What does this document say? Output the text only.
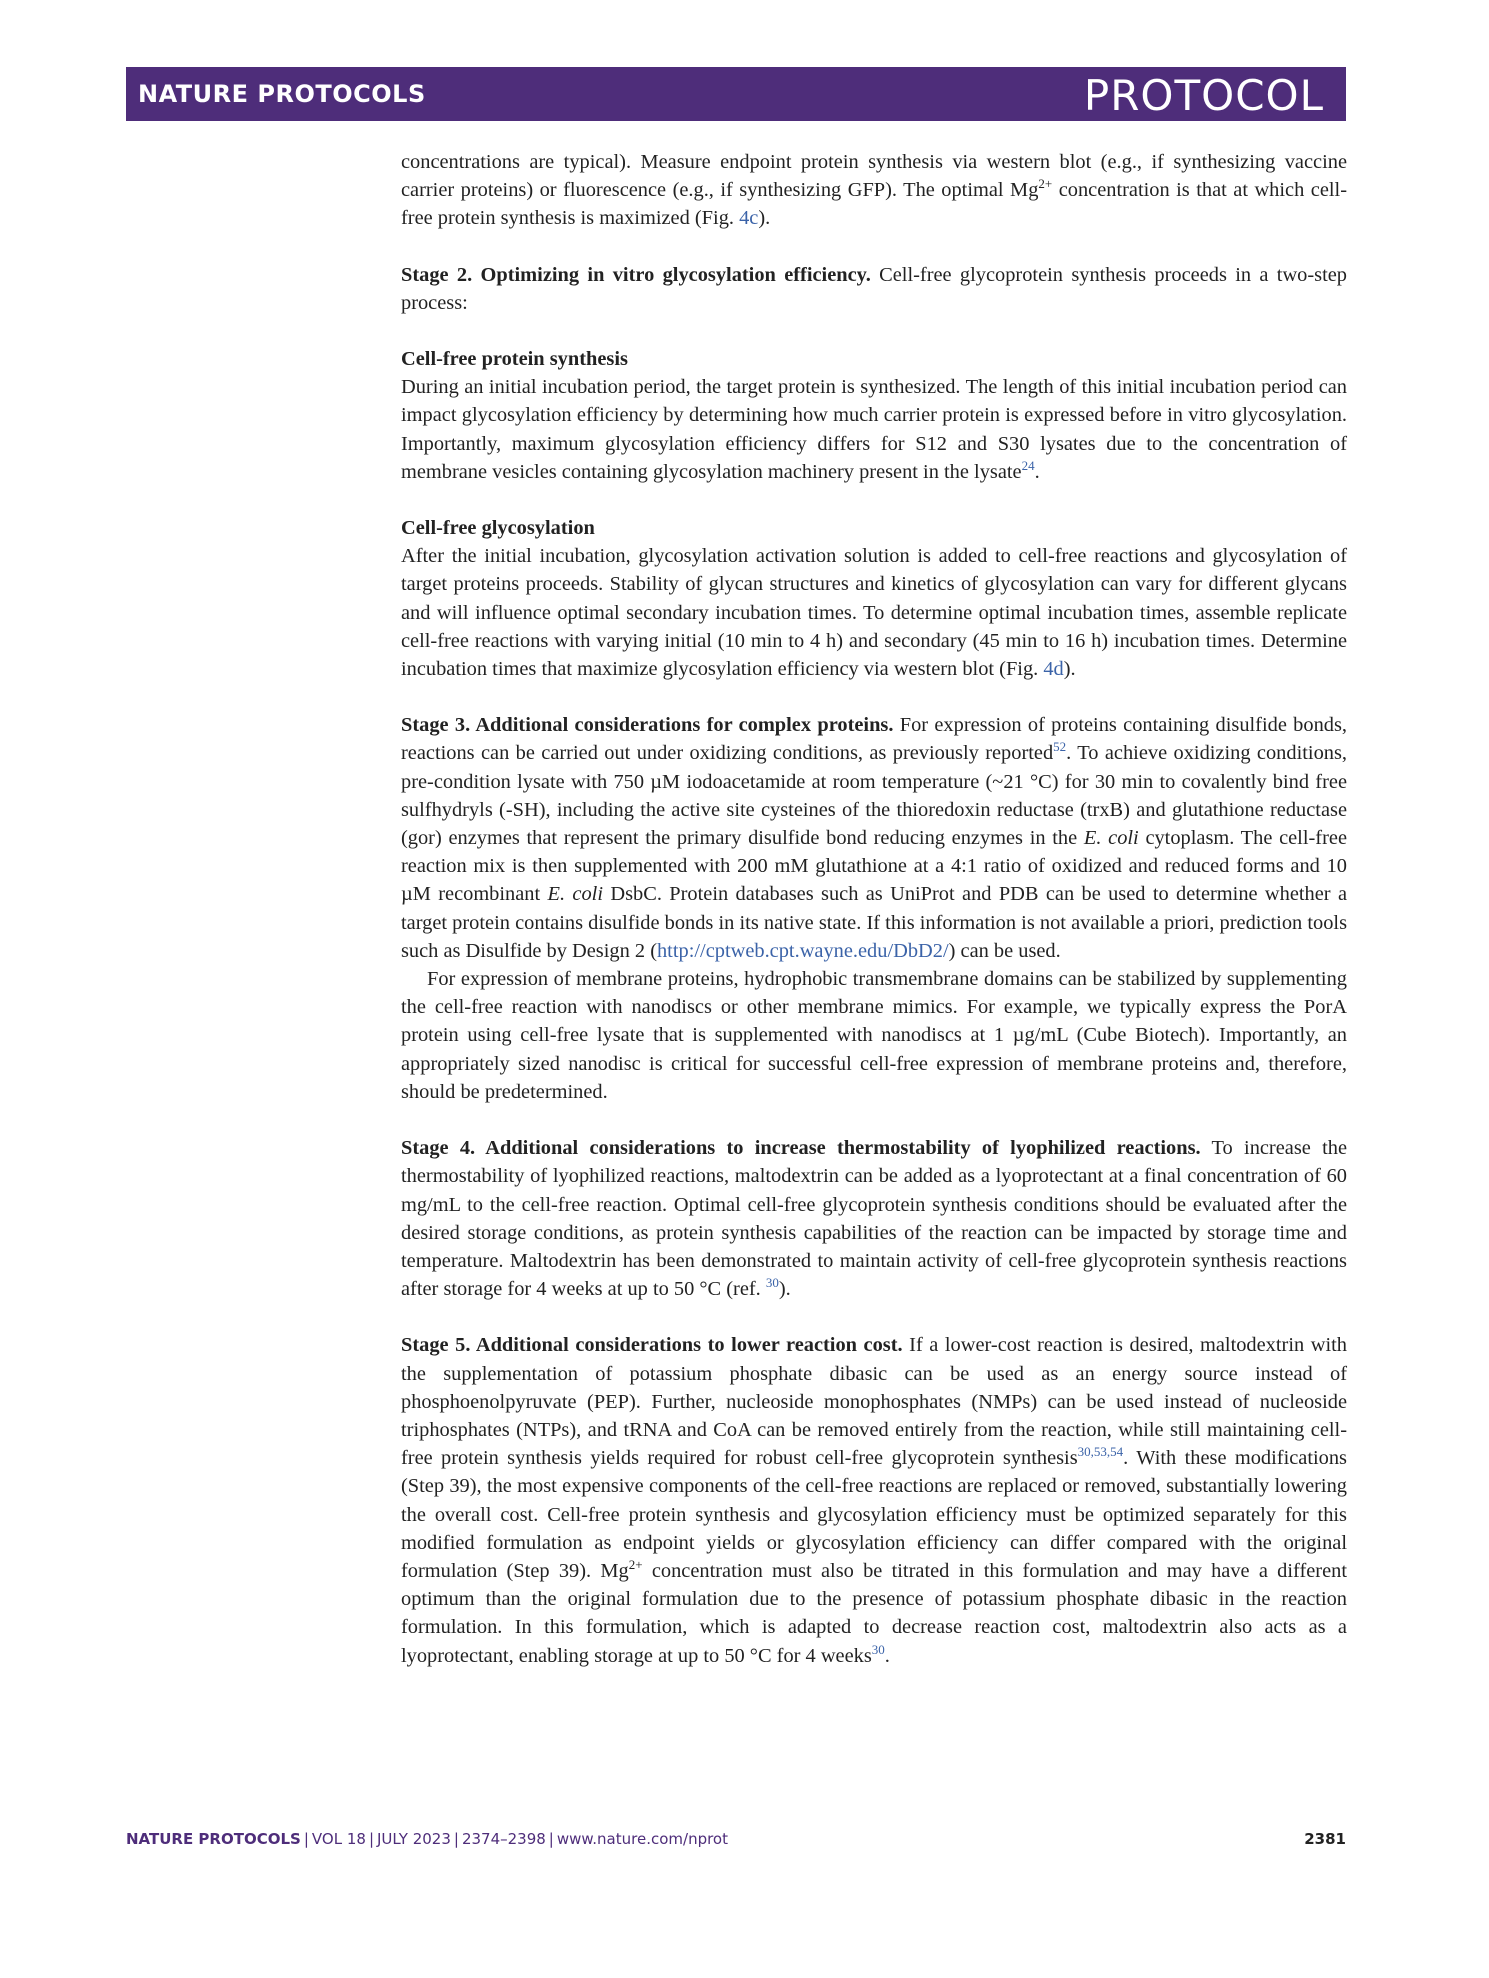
NATURE PROTOCOLS	PROTOCOL

concentrations are typical). Measure endpoint protein synthesis via western blot (e.g., if synthesizing vaccine carrier proteins) or fluorescence (e.g., if synthesizing GFP). The optimal $Mg^{2+}$ concentration is that at which cell-free protein synthesis is maximized (Fig. 4c).

Stage 2. Optimizing in vitro glycosylation efficiency. Cell-free glycoprotein synthesis proceeds in a two-step process:

Cell-free protein synthesis

During an initial incubation period, the target protein is synthesized. The length of this initial incubation period can impact glycosylation efficiency by determining how much carrier protein is expressed before in vitro glycosylation. Importantly, maximum glycosylation efficiency differs for S12 and S30 lysates due to the concentration of membrane vesicles containing glycosylation machinery present in the lysate$^{24}$.

Cell-free glycosylation

After the initial incubation, glycosylation activation solution is added to cell-free reactions and glycosylation of target proteins proceeds. Stability of glycan structures and kinetics of glycosylation can vary for different glycans and will influence optimal secondary incubation times. To determine optimal incubation times, assemble replicate cell-free reactions with varying initial (10 min to 4 h) and secondary (45 min to 16 h) incubation times. Determine incubation times that maximize glycosylation efficiency via western blot (Fig. 4d).

Stage 3. Additional considerations for complex proteins. For expression of proteins containing disulfide bonds, reactions can be carried out under oxidizing conditions, as previously reported$^{52}$. To achieve oxidizing conditions, pre-condition lysate with 750 µM iodoacetamide at room temperature (~21 °C) for 30 min to covalently bind free sulfhydryls (-SH), including the active site cysteines of the thioredoxin reductase (trxB) and glutathione reductase (gor) enzymes that represent the primary disulfide bond reducing enzymes in the E. coli cytoplasm. The cell-free reaction mix is then supplemented with 200 mM glutathione at a 4:1 ratio of oxidized and reduced forms and 10 µM recombinant E. coli DsbC. Protein databases such as UniProt and PDB can be used to determine whether a target protein contains disulfide bonds in its native state. If this information is not available a priori, prediction tools such as Disulfide by Design 2 (http://cptweb.cpt.wayne.edu/DbD2/) can be used.

For expression of membrane proteins, hydrophobic transmembrane domains can be stabilized by supplementing the cell-free reaction with nanodiscs or other membrane mimics. For example, we typically express the PorA protein using cell-free lysate that is supplemented with nanodiscs at 1 µg/mL (Cube Biotech). Importantly, an appropriately sized nanodisc is critical for successful cell-free expression of membrane proteins and, therefore, should be predetermined.

Stage 4. Additional considerations to increase thermostability of lyophilized reactions. To increase the thermostability of lyophilized reactions, maltodextrin can be added as a lyoprotectant at a final concentration of 60 mg/mL to the cell-free reaction. Optimal cell-free glycoprotein synthesis conditions should be evaluated after the desired storage conditions, as protein synthesis capabilities of the reaction can be impacted by storage time and temperature. Maltodextrin has been demonstrated to maintain activity of cell-free glycoprotein synthesis reactions after storage for 4 weeks at up to 50 °C (ref. $^{30}$).

Stage 5. Additional considerations to lower reaction cost. If a lower-cost reaction is desired, maltodextrin with the supplementation of potassium phosphate dibasic can be used as an energy source instead of phosphoenolpyruvate (PEP). Further, nucleoside monophosphates (NMPs) can be used instead of nucleoside triphosphates (NTPs), and tRNA and CoA can be removed entirely from the reaction, while still maintaining cell-free protein synthesis yields required for robust cell-free glycoprotein synthesis$^{30,53,54}$. With these modifications (Step 39), the most expensive components of the cell-free reactions are replaced or removed, substantially lowering the overall cost. Cell-free protein synthesis and glycosylation efficiency must be optimized separately for this modified formulation as endpoint yields or glycosylation efficiency can differ compared with the original formulation (Step 39). $Mg^{2+}$ concentration must also be titrated in this formulation and may have a different optimum than the original formulation due to the presence of potassium phosphate dibasic in the reaction formulation. In this formulation, which is adapted to decrease reaction cost, maltodextrin also acts as a lyoprotectant, enabling storage at up to 50 °C for 4 weeks$^{30}$.

NATURE PROTOCOLS | VOL 18 | JULY 2023 | 2374–2398 | www.nature.com/nprot	2381
